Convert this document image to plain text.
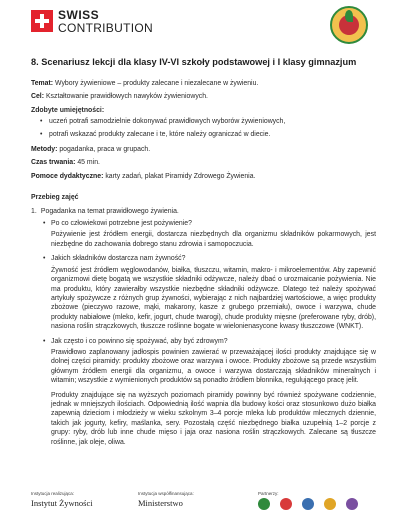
SWISS
CONTRIBUTION
8. Scenariusz lekcji dla klasy IV-VI szkoły podstawowej i I klasy gimnazjum
Temat: Wybory żywieniowe – produkty zalecane i niezalecane w żywieniu.
Cel: Kształtowanie prawidłowych nawyków żywieniowych.
Zdobyte umiejętności:
• uczeń potrafi samodzielnie dokonywać prawidłowych wyborów żywieniowych,
• potrafi wskazać produkty zalecane i te, które należy ograniczać w diecie.
Metody: pogadanka, praca w grupach.
Czas trwania: 45 min.
Pomoce dydaktyczne: karty zadań, plakat Piramidy Zdrowego Żywienia.
Przebieg zajęć
1. Pogadanka na temat prawidłowego żywienia.
• Po co człowiekowi potrzebne jest pożywienie?
Pożywienie jest źródłem energii, dostarcza niezbędnych dla organizmu składników pokarmowych, jest niezbędne do zachowania dobrego stanu zdrowia i samopoczucia.
• Jakich składników dostarcza nam żywność?
Żywność jest źródłem węglowodanów, białka, tłuszczu, witamin, makro- i mikroelementów. Aby zapewnić organizmowi dietę bogatą we wszystkie składniki odżywcze, należy dbać o urozmaicanie pożywienia. Nie ma produktu, który zawierałby wszystkie niezbędne składniki odżywcze. Dlatego też należy spożywać artykuły spożywcze z różnych grup żywności, wybierając z nich najbardziej wartościowe, a więc produkty zbożowe (pieczywo razowe, mąki, makarony, kasze z grubego przemiału), owoce i warzywa, chude produkty nabiałowe (mleko, kefir, jogurt, chude twarogi), chude produkty mięsne (preferowane ryby, drób), nasiona roślin strączkowych, tłuszcze roślinne bogate w wielonienasycone kwasy tłuszczowe (WNKT).
• Jak często i co powinno się spożywać, aby być zdrowym?
Prawidłowo zaplanowany jadłospis powinien zawierać w przeważającej ilości produkty znajdujące się w dolnej części piramidy: produkty zbożowe oraz warzywa i owoce. Produkty zbożowe są przede wszystkim głównym źródłem energii dla organizmu, a owoce i warzywa dostarczają składników mineralnych i witamin; wszystkie z wymienionych produktów są ponadto źródłem błonnika, regulującego pracę jelit.
Produkty znajdujące się na wyższych poziomach piramidy powinny być również spożywane codziennie, jednak w mniejszych ilościach. Odpowiednią ilość wapnia dla budowy kości oraz stosunkowo dużo białka zapewnią dzieciom i młodzieży w wieku szkolnym 3–4 porcje mleka lub produktów mlecznych dziennie, takich jak jogurty, kefiry, maślanka, sery. Pozostałą część niezbędnego białka uzupełnią 1–2 porcje z grupy: ryby, drób lub inne chude mięso i jaja oraz nasiona roślin strączkowych. Zalecane są tłuszcze roślinne, jak oleje, oliwa.
Instytucja realizująca:
Instytut Żywności
Instytucja współfinansująca:
Ministerstwo
Partnerzy:
